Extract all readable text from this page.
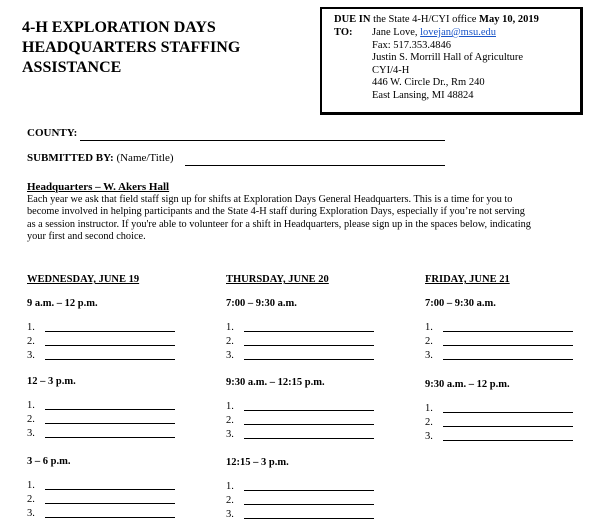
4-H EXPLORATION DAYS
HEADQUARTERS STAFFING
ASSISTANCE
DUE IN the State 4-H/CYI office May 10, 2019
TO: Jane Love, lovejan@msu.edu
Fax: 517.353.4846
Justin S. Morrill Hall of Agriculture
CYI/4-H
446 W. Circle Dr., Rm 240
East Lansing, MI 48824
COUNTY:
SUBMITTED BY: (Name/Title)
Headquarters – W. Akers Hall
Each year we ask that field staff sign up for shifts at Exploration Days General Headquarters. This is a time for you to
become involved in helping participants and the State 4-H staff during Exploration Days, especially if you’re not serving
as a session instructor. If you're able to volunteer for a shift in Headquarters, please sign up in the spaces below, indicating
your first and second choice.
WEDNESDAY, JUNE 19
9 a.m. – 12 p.m.
1.
2.
3.
12 – 3 p.m.
1.
2.
3.
3 – 6 p.m.
1.
2.
3.
THURSDAY, JUNE 20
7:00 – 9:30 a.m.
1.
2.
3.
9:30 a.m. – 12:15 p.m.
1.
2.
3.
12:15 – 3 p.m.
1.
2.
3.
FRIDAY, JUNE 21
7:00 – 9:30 a.m.
1.
2.
3.
9:30 a.m. – 12 p.m.
1.
2.
3.
